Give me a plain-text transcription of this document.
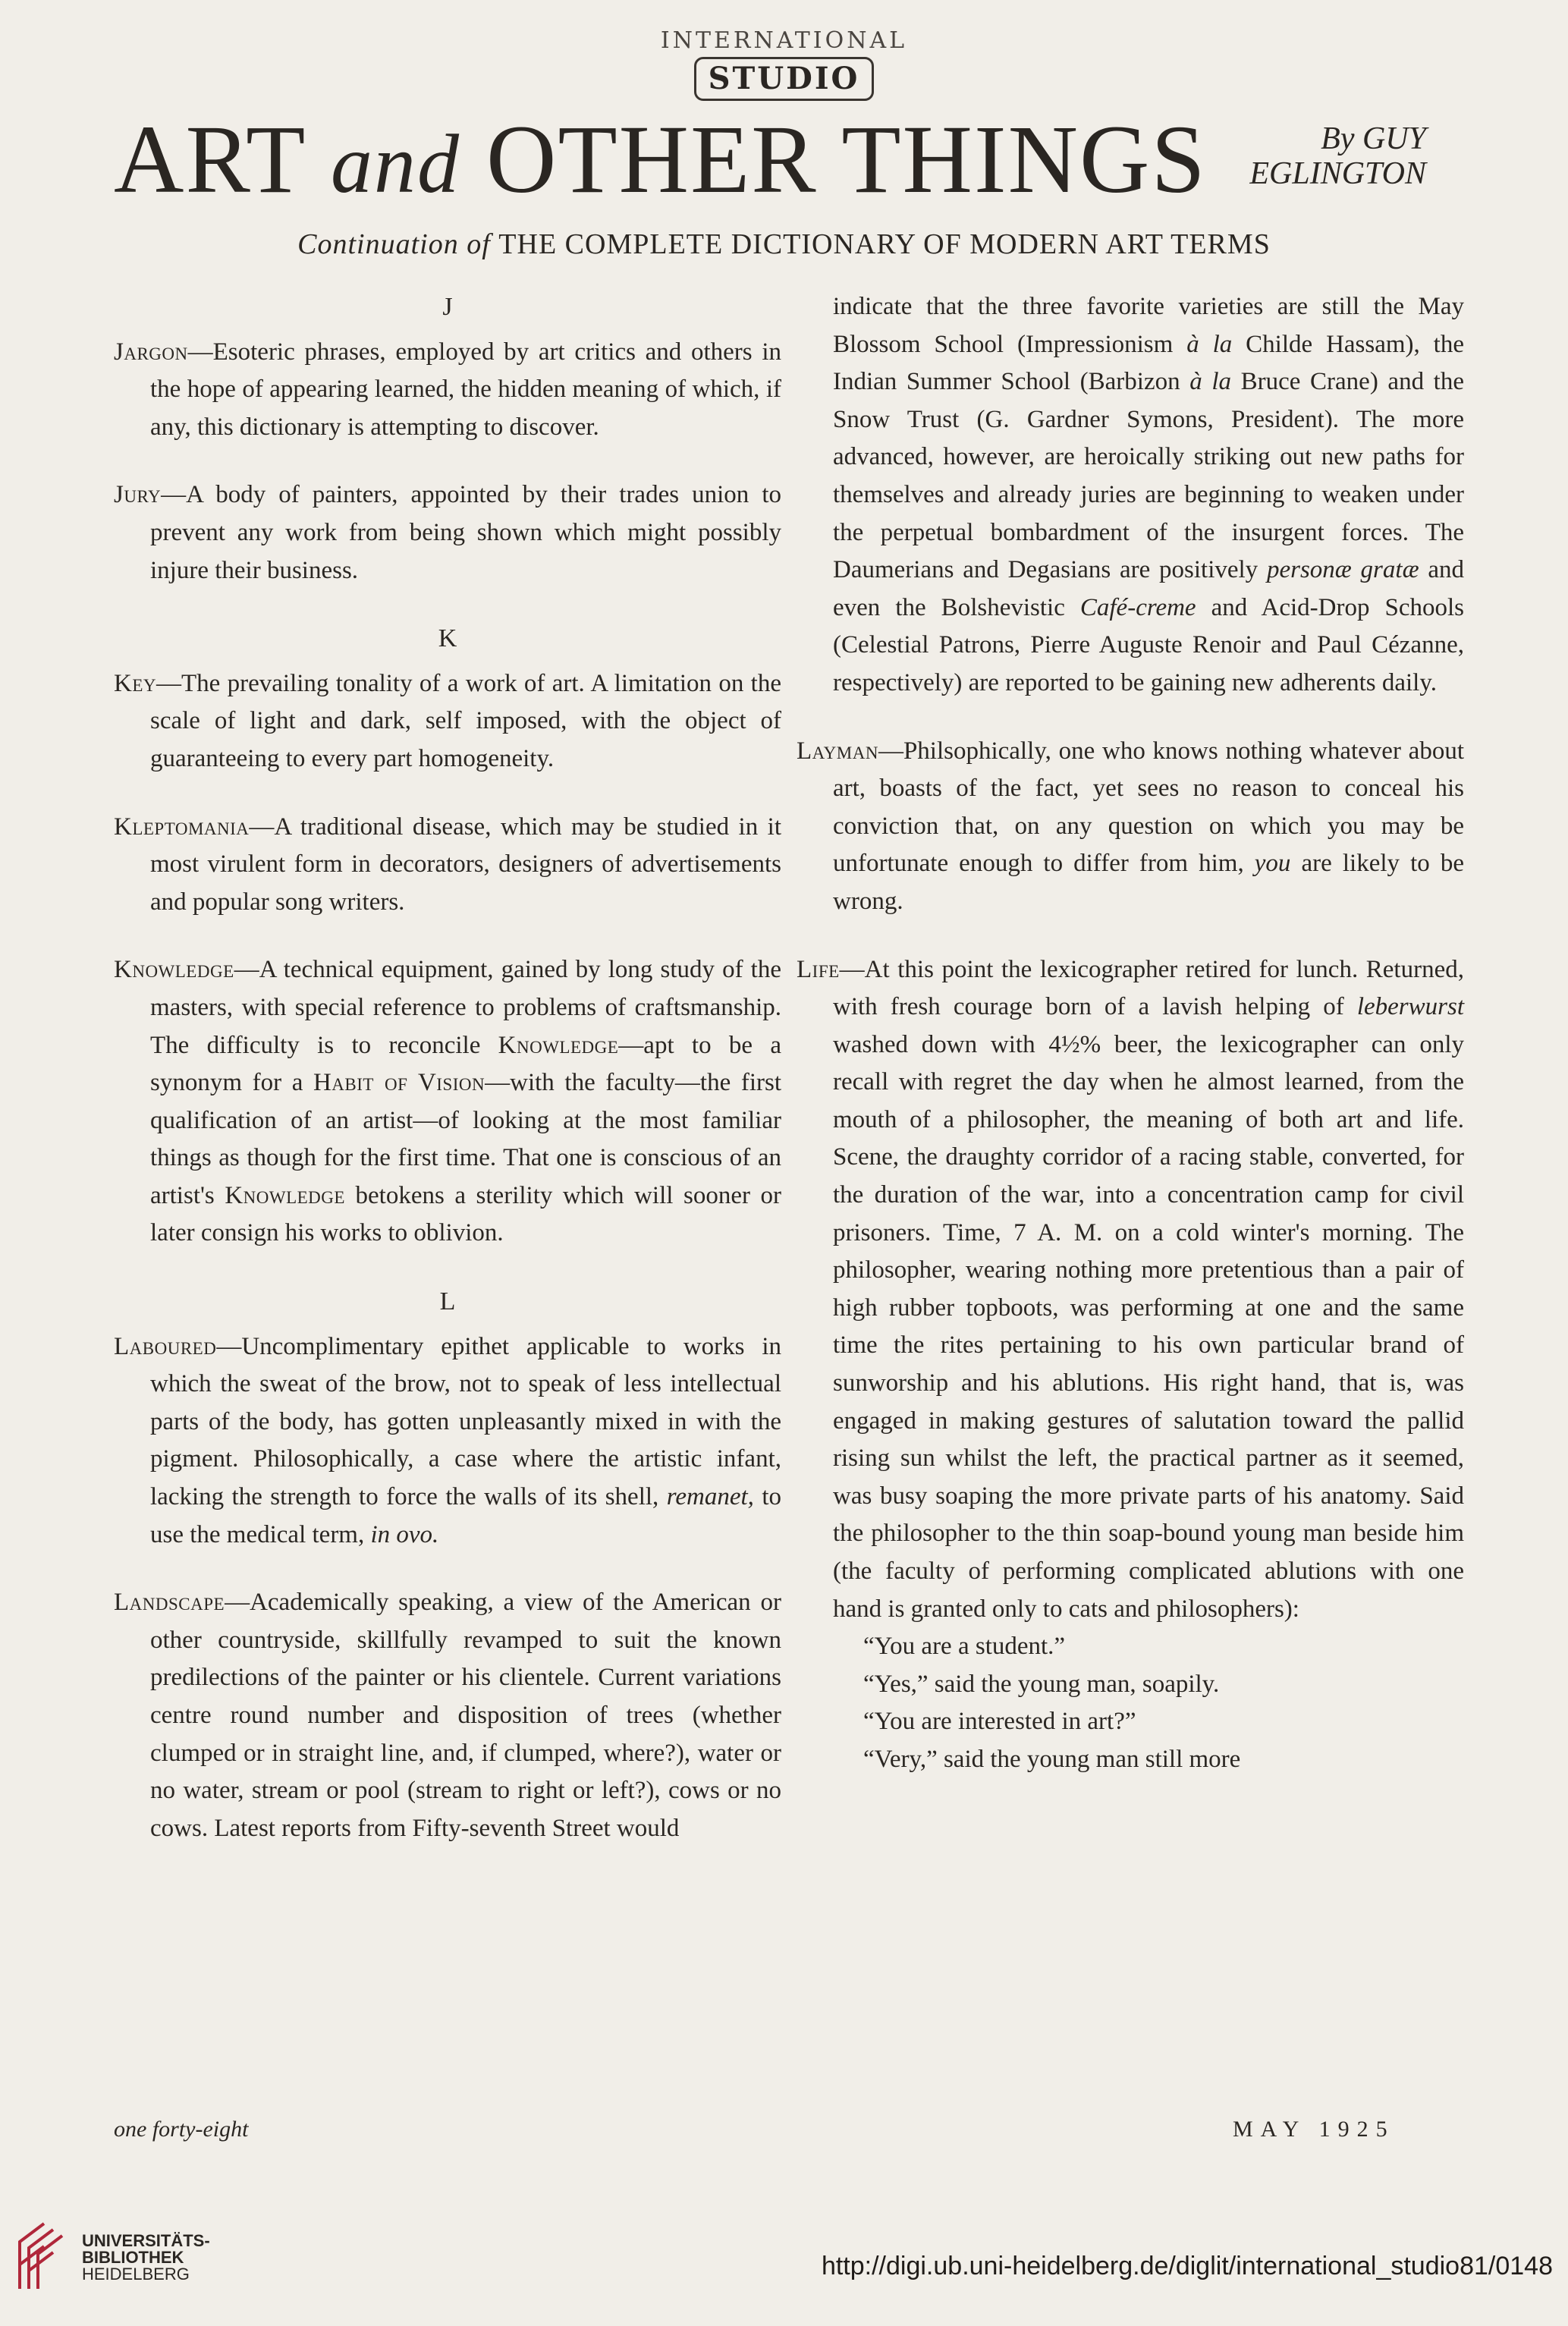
INTERNATIONAL
STUDIO
ART and OTHER THINGS	By GUY
EGLINGTON
Continuation of THE COMPLETE DICTIONARY OF MODERN ART TERMS
J

Jargon—Esoteric phrases, employed by art critics and others in the hope of appearing learned, the hidden meaning of which, if any, this dictionary is attempting to discover.

Jury—A body of painters, appointed by their trades union to prevent any work from being shown which might possibly injure their business.

K

Key—The prevailing tonality of a work of art. A limitation on the scale of light and dark, self imposed, with the object of guaranteeing to every part homogeneity.

Kleptomania—A traditional disease, which may be studied in it most virulent form in decorators, designers of advertisements and popular song writers.

Knowledge—A technical equipment, gained by long study of the masters, with special reference to problems of craftsmanship. The difficulty is to reconcile Knowledge—apt to be a synonym for a Habit of Vision—with the faculty—the first qualification of an artist—of looking at the most familiar things as though for the first time. That one is conscious of an artist's Knowledge betokens a sterility which will sooner or later consign his works to oblivion.

L

Laboured—Uncomplimentary epithet applicable to works in which the sweat of the brow, not to speak of less intellectual parts of the body, has gotten unpleasantly mixed in with the pigment. Philosophically, a case where the artistic infant, lacking the strength to force the walls of its shell, remanet, to use the medical term, in ovo.

Landscape—Academically speaking, a view of the American or other countryside, skillfully revamped to suit the known predilections of the painter or his clientele. Current variations centre round number and disposition of trees (whether clumped or in straight line, and, if clumped, where?), water or no water, stream or pool (stream to right or left?), cows or no cows. Latest reports from Fifty-seventh Street would

indicate that the three favorite varieties are still the May Blossom School (Impressionism à la Childe Hassam), the Indian Summer School (Barbizon à la Bruce Crane) and the Snow Trust (G. Gardner Symons, President). The more advanced, however, are heroically striking out new paths for themselves and already juries are beginning to weaken under the perpetual bombardment of the insurgent forces. The Daumerians and Degasians are positively personæ gratæ and even the Bolshevistic Café-creme and Acid-Drop Schools (Celestial Patrons, Pierre Auguste Renoir and Paul Cézanne, respectively) are reported to be gaining new adherents daily.

Layman—Philsophically, one who knows nothing whatever about art, boasts of the fact, yet sees no reason to conceal his conviction that, on any question on which you may be unfortunate enough to differ from him, you are likely to be wrong.

Life—At this point the lexicographer retired for lunch. Returned, with fresh courage born of a lavish helping of leberwurst washed down with 4½% beer, the lexicographer can only recall with regret the day when he almost learned, from the mouth of a philosopher, the meaning of both art and life. Scene, the draughty corridor of a racing stable, converted, for the duration of the war, into a concentration camp for civil prisoners. Time, 7 A. M. on a cold winter's morning. The philosopher, wearing nothing more pretentious than a pair of high rubber topboots, was performing at one and the same time the rites pertaining to his own particular brand of sunworship and his ablutions. His right hand, that is, was engaged in making gestures of salutation toward the pallid rising sun whilst the left, the practical partner as it seemed, was busy soaping the more private parts of his anatomy. Said the philosopher to the thin soap-bound young man beside him (the faculty of performing complicated ablutions with one hand is granted only to cats and philosophers):

“You are a student.”

“Yes,” said the young man, soapily.

“You are interested in art?”

“Very,” said the young man still more

one forty-eight	MAY 1925
UNIVERSITÄTS-
BIBLIOTHEK
HEIDELBERG	http://digi.ub.uni-heidelberg.de/diglit/international_studio81/0148
